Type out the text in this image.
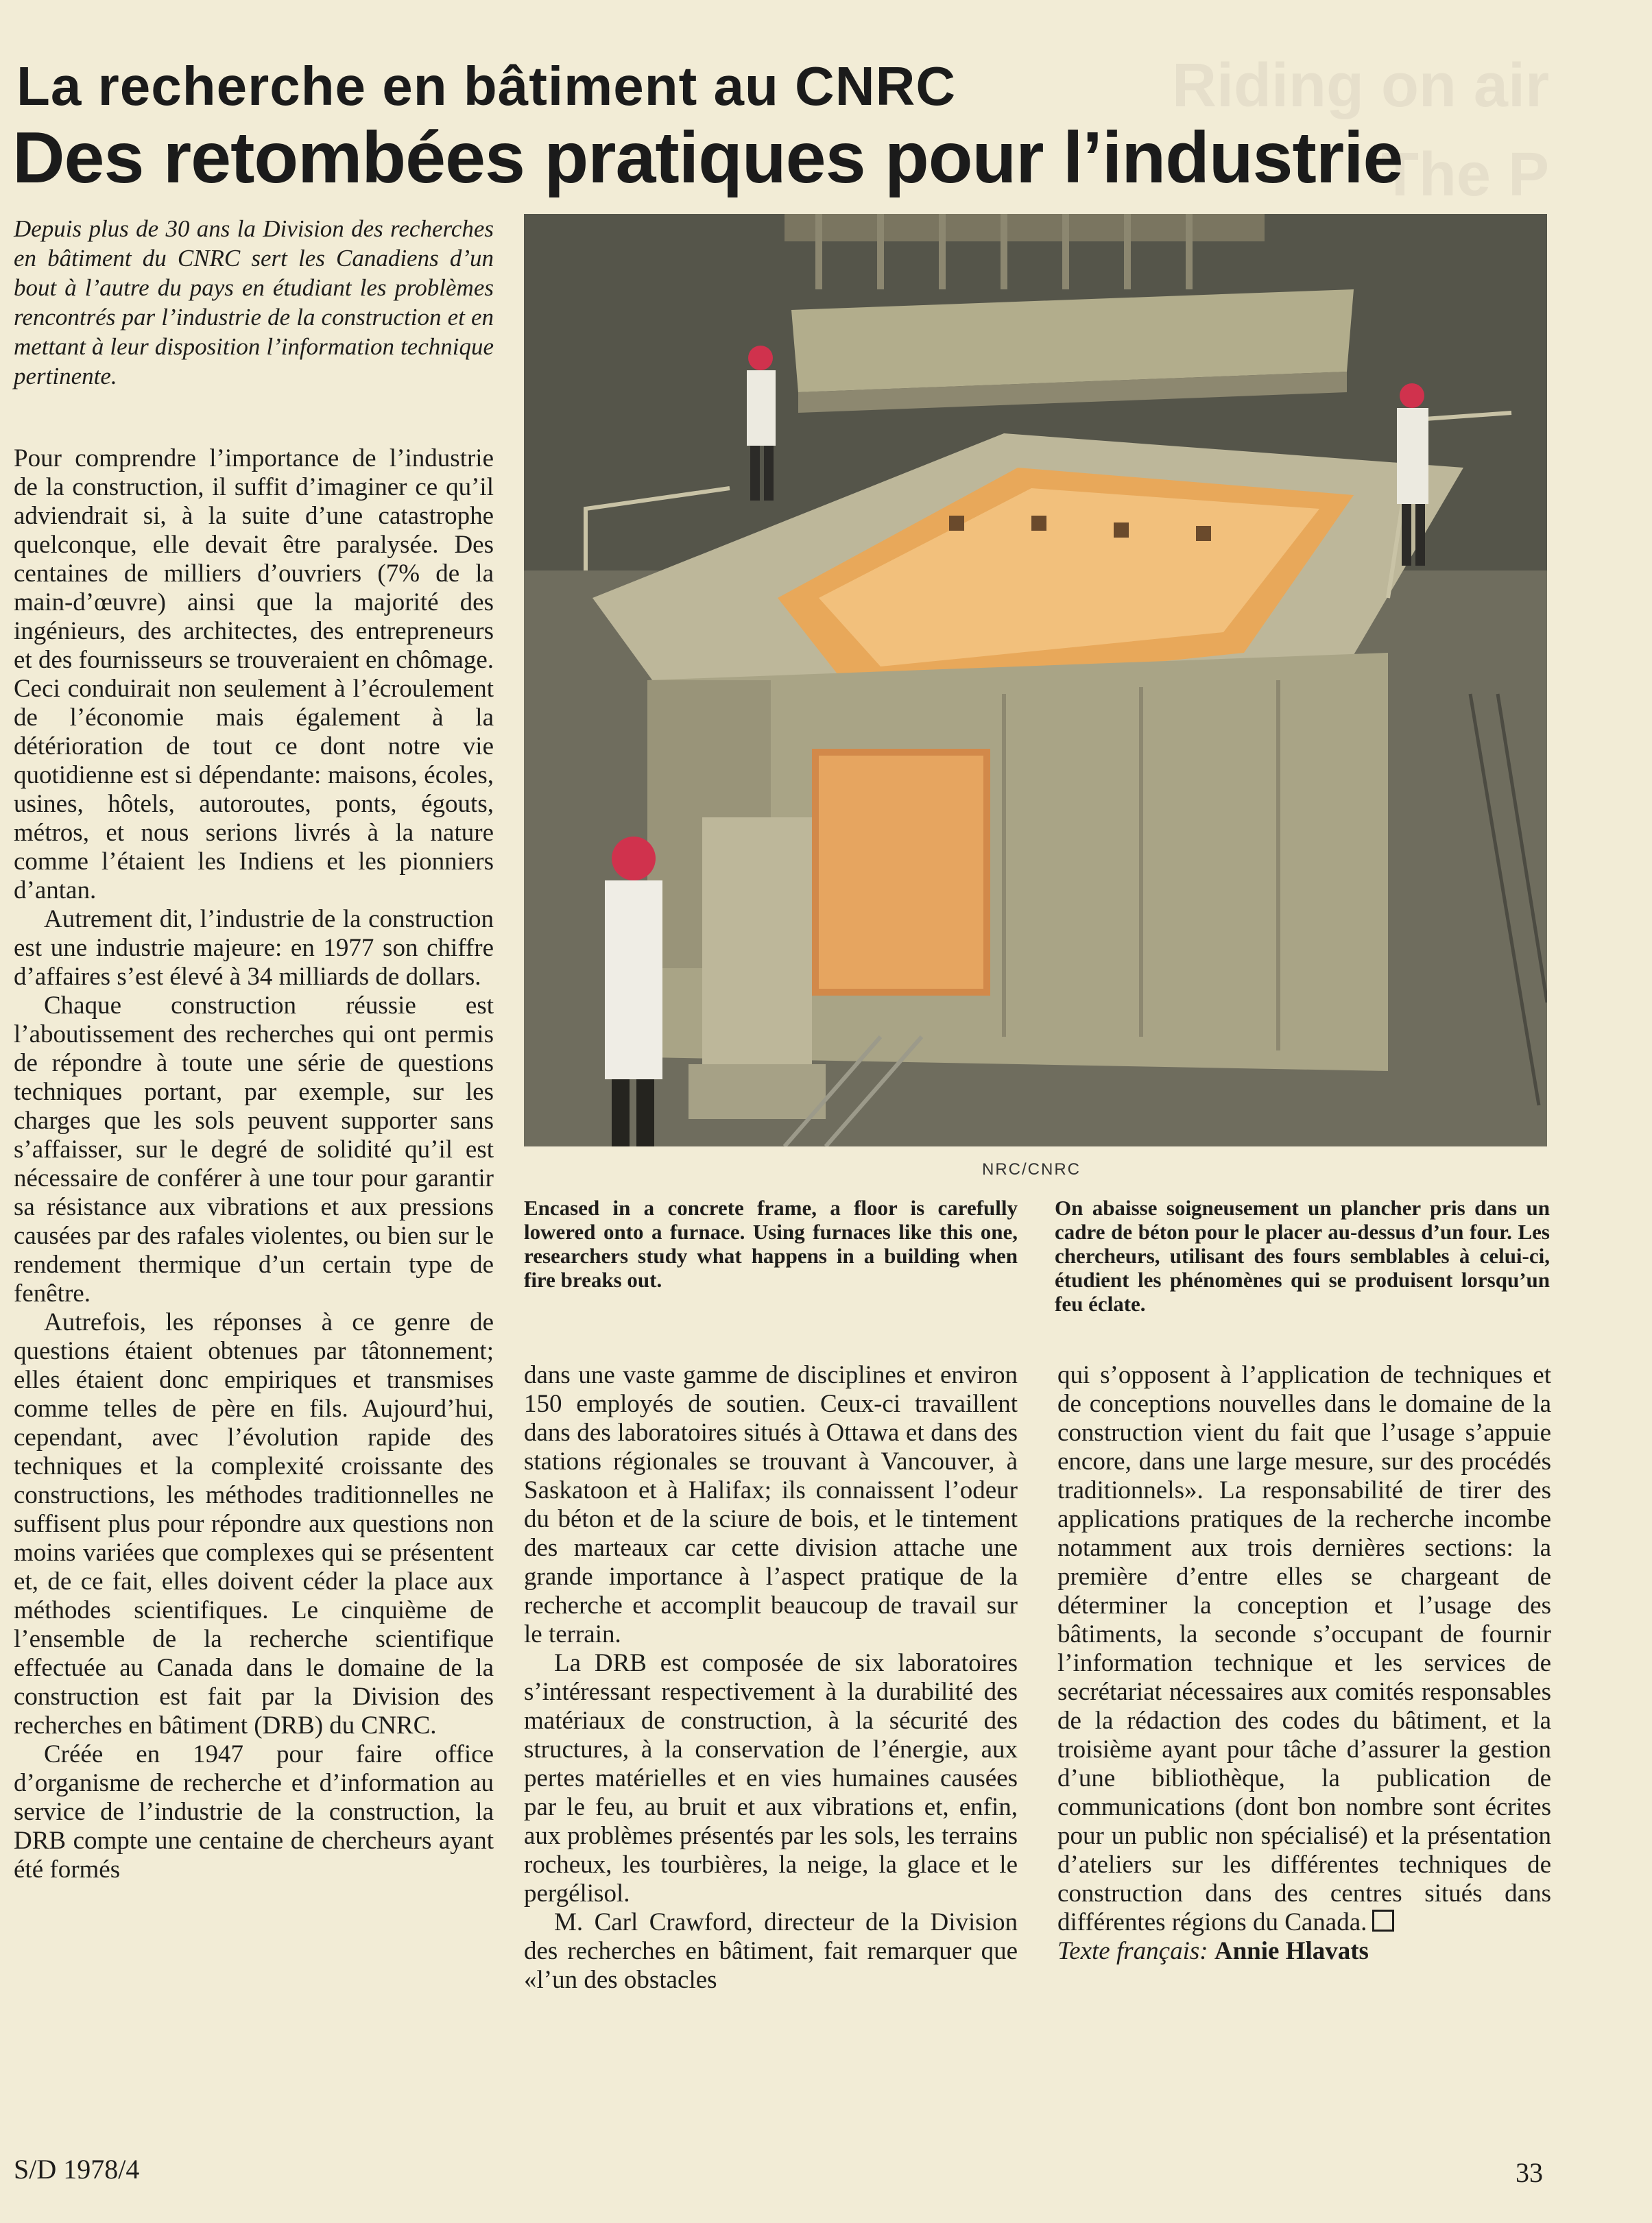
Riding on air
The P
La recherche en bâtiment au CNRC
Des retombées pratiques pour l’industrie

Depuis plus de 30 ans la Division des recherches en bâtiment du CNRC sert les Canadiens d’un bout à l’autre du pays en étudiant les problèmes rencontrés par l’industrie de la construction et en mettant à leur disposition l’information technique pertinente.

NRC/CNRC
Encased in a concrete frame, a floor is carefully lowered onto a furnace. Using furnaces like this one, researchers study what happens in a building when fire breaks out.
On abaisse soigneusement un plancher pris dans un cadre de béton pour le placer au-dessus d’un four. Les chercheurs, utilisant des fours semblables à celui-ci, étudient les phénomènes qui se produisent lorsqu’un feu éclate.

Pour comprendre l’importance de l’industrie de la construction, il suffit d’imaginer ce qu’il adviendrait si, à la suite d’une catastrophe quelconque, elle devait être paralysée. Des centaines de milliers d’ouvriers (7% de la main-d’œuvre) ainsi que la majorité des ingénieurs, des architectes, des entrepreneurs et des fournisseurs se trouveraient en chômage. Ceci conduirait non seulement à l’écroulement de l’économie mais également à la détérioration de tout ce dont notre vie quotidienne est si dépendante: maisons, écoles, usines, hôtels, autoroutes, ponts, égouts, métros, et nous serions livrés à la nature comme l’étaient les Indiens et les pionniers d’antan.

Autrement dit, l’industrie de la construction est une industrie majeure: en 1977 son chiffre d’affaires s’est élevé à 34 milliards de dollars.

Chaque construction réussie est l’aboutissement des recherches qui ont permis de répondre à toute une série de questions techniques portant, par exemple, sur les charges que les sols peuvent supporter sans s’affaisser, sur le degré de solidité qu’il est nécessaire de conférer à une tour pour garantir sa résistance aux vibrations et aux pressions causées par des rafales violentes, ou bien sur le rendement thermique d’un certain type de fenêtre.

Autrefois, les réponses à ce genre de questions étaient obtenues par tâtonnement; elles étaient donc empiriques et transmises comme telles de père en fils. Aujourd’hui, cependant, avec l’évolution rapide des techniques et la complexité croissante des constructions, les méthodes traditionnelles ne suffisent plus pour répondre aux questions non moins variées que complexes qui se présentent et, de ce fait, elles doivent céder la place aux méthodes scientifiques. Le cinquième de l’ensemble de la recherche scientifique effectuée au Canada dans le domaine de la construction est fait par la Division des recherches en bâtiment (DRB) du CNRC.

Créée en 1947 pour faire office d’organisme de recherche et d’information au service de l’industrie de la construction, la DRB compte une centaine de chercheurs ayant été formés

dans une vaste gamme de disciplines et environ 150 employés de soutien. Ceux-ci travaillent dans des laboratoires situés à Ottawa et dans des stations régionales se trouvant à Vancouver, à Saskatoon et à Halifax; ils connaissent l’odeur du béton et de la sciure de bois, et le tintement des marteaux car cette division attache une grande importance à l’aspect pratique de la recherche et accomplit beaucoup de travail sur le terrain.

La DRB est composée de six laboratoires s’intéressant respectivement à la durabilité des matériaux de construction, à la sécurité des structures, à la conservation de l’énergie, aux pertes matérielles et en vies humaines causées par le feu, au bruit et aux vibrations et, enfin, aux problèmes présentés par les sols, les terrains rocheux, les tourbières, la neige, la glace et le pergélisol.

M. Carl Crawford, directeur de la Division des recherches en bâtiment, fait remarquer que «l’un des obstacles

qui s’opposent à l’application de techniques et de conceptions nouvelles dans le domaine de la construction vient du fait que l’usage s’appuie encore, dans une large mesure, sur des procédés traditionnels». La responsabilité de tirer des applications pratiques de la recherche incombe notamment aux trois dernières sections: la première d’entre elles se chargeant de déterminer la conception et l’usage des bâtiments, la seconde s’occupant de fournir l’information technique et les services de secrétariat nécessaires aux comités responsables de la rédaction des codes du bâtiment, et la troisième ayant pour tâche d’assurer la gestion d’une bibliothèque, la publication de communications (dont bon nombre sont écrites pour un public non spécialisé) et la présentation d’ateliers sur les différentes techniques de construction dans des centres situés dans différentes régions du Canada.

Texte français: Annie Hlavats

S/D 1978/4	33
